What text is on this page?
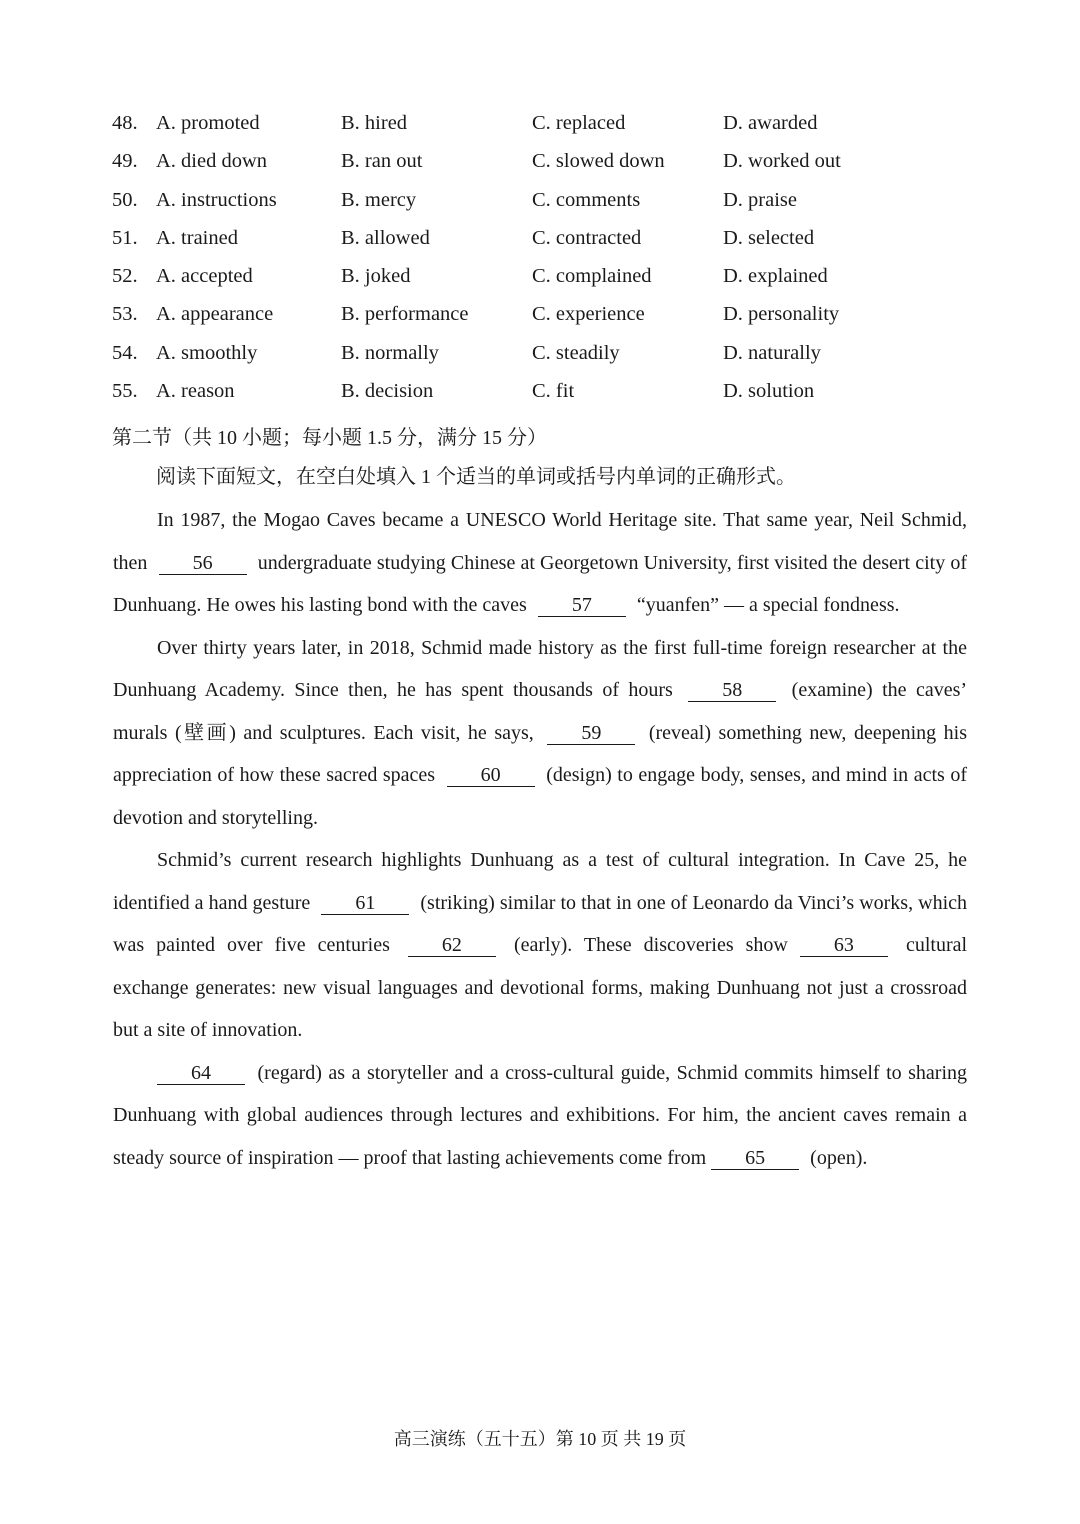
48. A. promoted	B. hired	C. replaced	D. awarded
49. A. died down	B. ran out	C. slowed down	D. worked out
50. A. instructions	B. mercy	C. comments	D. praise
51. A. trained	B. allowed	C. contracted	D. selected
52. A. accepted	B. joked	C. complained	D. explained
53. A. appearance	B. performance	C. experience	D. personality
54. A. smoothly	B. normally	C. steadily	D. naturally
55. A. reason	B. decision	C. fit	D. solution
第二节（共 10 小题；每小题 1.5 分，满分 15 分）
阅读下面短文，在空白处填入 1 个适当的单词或括号内单词的正确形式。

In 1987, the Mogao Caves became a UNESCO World Heritage site. That same year, Neil Schmid, then 56 undergraduate studying Chinese at Georgetown University, first visited the desert city of Dunhuang. He owes his lasting bond with the caves 57 “yuanfen” — a special fondness.

Over thirty years later, in 2018, Schmid made history as the first full-time foreign researcher at the Dunhuang Academy. Since then, he has spent thousands of hours 58 (examine) the caves’ murals (壁画) and sculptures. Each visit, he says, 59 (reveal) something new, deepening his appreciation of how these sacred spaces 60 (design) to engage body, senses, and mind in acts of devotion and storytelling.

Schmid’s current research highlights Dunhuang as a test of cultural integration. In Cave 25, he identified a hand gesture 61 (striking) similar to that in one of Leonardo da Vinci’s works, which was painted over five centuries	62	(early). These discoveries show 63	cultural exchange generates: new visual languages and devotional forms, making Dunhuang not just a crossroad but a site of innovation.

64 (regard) as a storyteller and a cross-cultural guide, Schmid commits himself to sharing Dunhuang with global audiences through lectures and exhibitions. For him, the ancient caves remain a steady source of inspiration — proof that lasting achievements come from 65 (open).

高三演练（五十五）第 10 页 共 19 页
